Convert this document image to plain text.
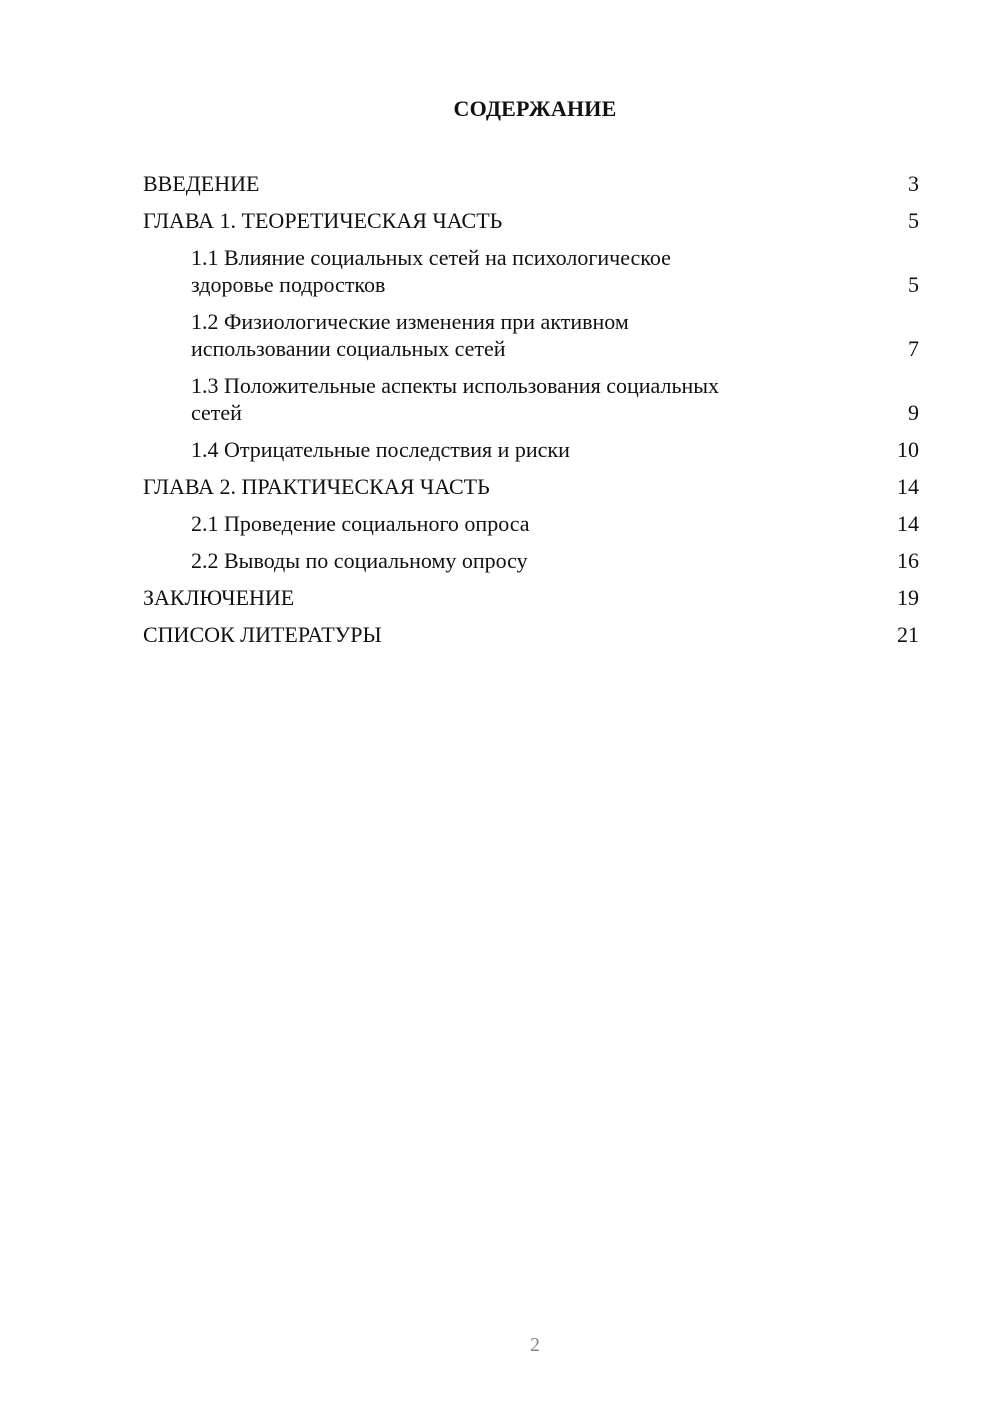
СОДЕРЖАНИЕ
ВВЕДЕНИЕ	3
ГЛАВА 1. ТЕОРЕТИЧЕСКАЯ ЧАСТЬ	5
1.1 Влияние социальных сетей на психологическое
здоровье подростков	5
1.2 Физиологические изменения при активном
использовании социальных сетей	7
1.3 Положительные аспекты использования социальных
сетей	9
1.4 Отрицательные последствия и риски	10
ГЛАВА 2. ПРАКТИЧЕСКАЯ ЧАСТЬ	14
2.1 Проведение социального опроса	14
2.2 Выводы по социальному опросу	16
ЗАКЛЮЧЕНИЕ	19
СПИСОК ЛИТЕРАТУРЫ	21
2
